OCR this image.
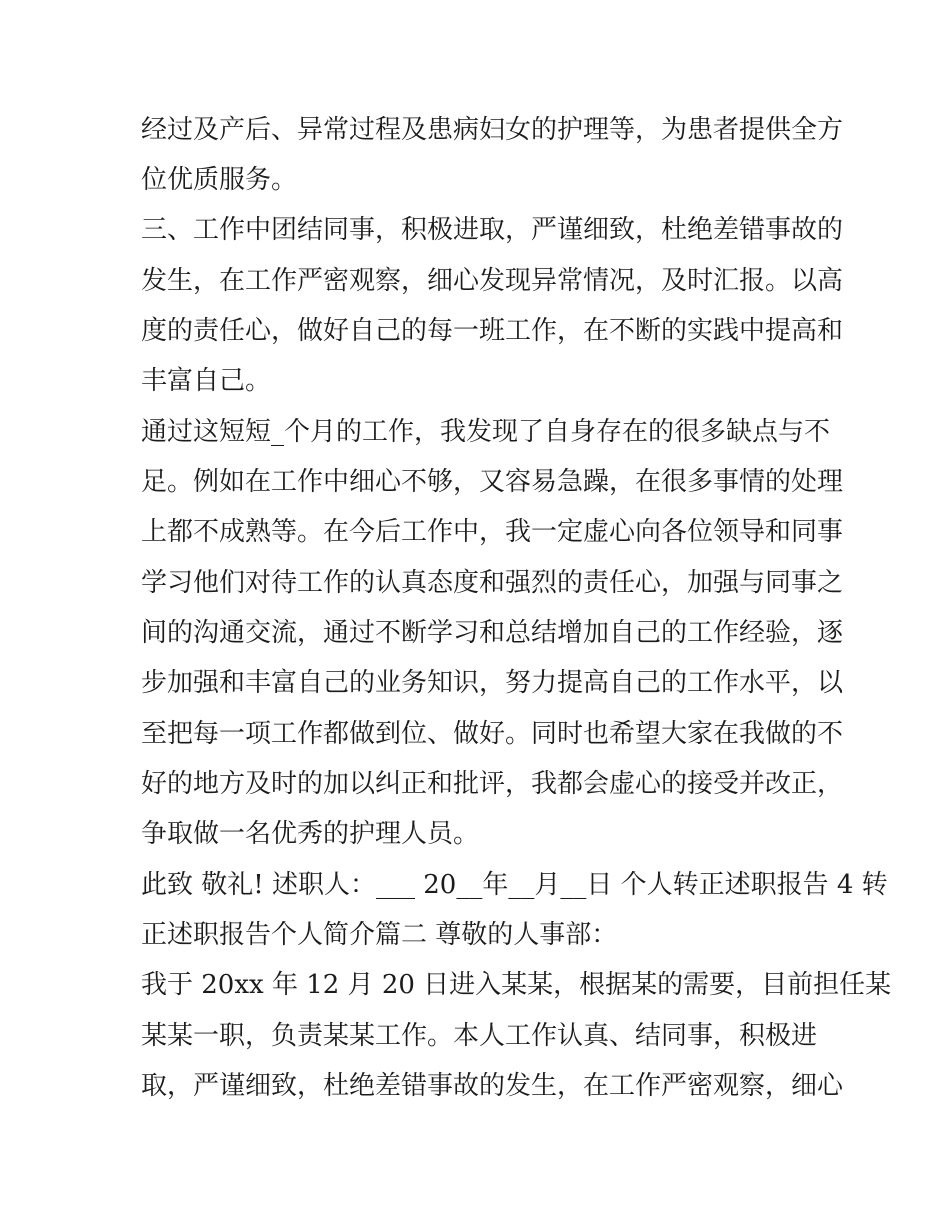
经过及产后、异常过程及患病妇女的护理等，为患者提供全方
位优质服务。
三、工作中团结同事，积极进取，严谨细致，杜绝差错事故的
发生，在工作严密观察，细心发现异常情况，及时汇报。以高
度的责任心，做好自己的每一班工作，在不断的实践中提高和
丰富自己。
通过这短短_个月的工作，我发现了自身存在的很多缺点与不
足。例如在工作中细心不够，又容易急躁，在很多事情的处理
上都不成熟等。在今后工作中，我一定虚心向各位领导和同事
学习他们对待工作的认真态度和强烈的责任心，加强与同事之
间的沟通交流，通过不断学习和总结增加自己的工作经验，逐
步加强和丰富自己的业务知识，努力提高自己的工作水平，以
至把每一项工作都做到位、做好。同时也希望大家在我做的不
好的地方及时的加以纠正和批评，我都会虚心的接受并改正，
争取做一名优秀的护理人员。
此致 敬礼! 述职人：___ 20__年__月__日 个人转正述职报告 4 转
正述职报告个人简介篇二 尊敬的人事部：
我于 20xx 年 12 月 20 日进入某某，根据某的需要，目前担任某
某某一职，负责某某工作。本人工作认真、结同事，积极进
取，严谨细致，杜绝差错事故的发生，在工作严密观察，细心
